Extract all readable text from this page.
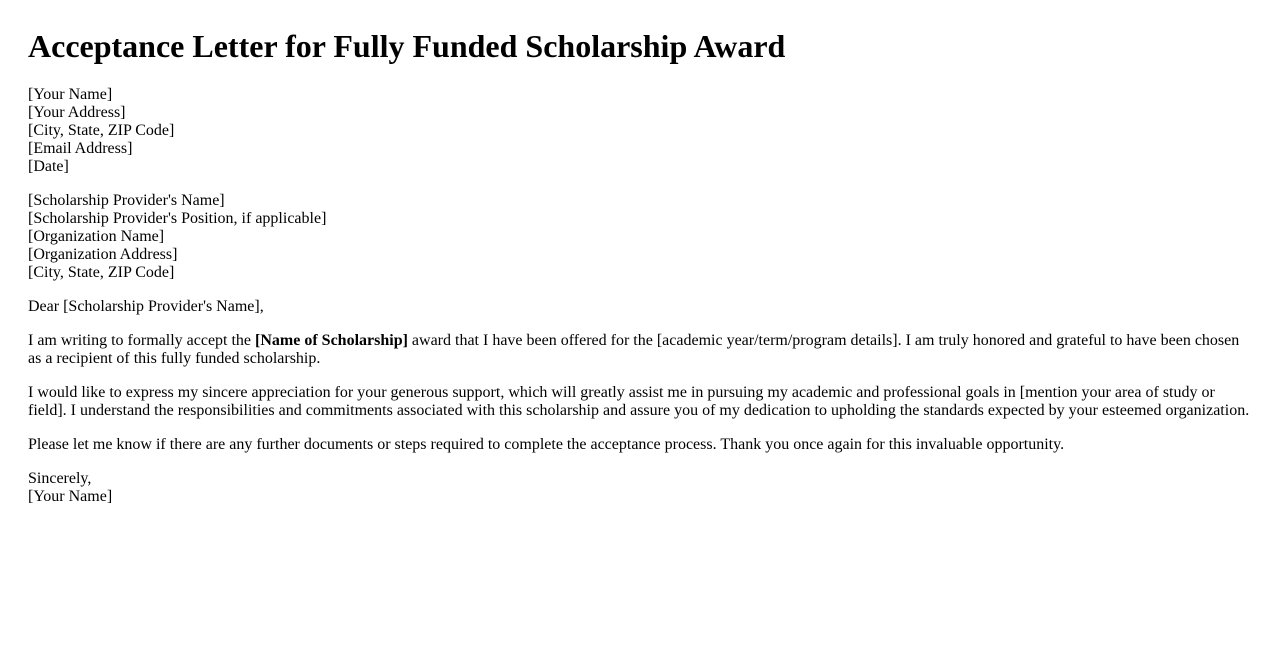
Acceptance Letter for Fully Funded Scholarship Award
[Your Name]
[Your Address]
[City, State, ZIP Code]
[Email Address]
[Date]
[Scholarship Provider's Name]
[Scholarship Provider's Position, if applicable]
[Organization Name]
[Organization Address]
[City, State, ZIP Code]

Dear [Scholarship Provider's Name],

I am writing to formally accept the [Name of Scholarship] award that I have been offered for the [academic year/term/program details]. I am truly honored and grateful to have been chosen as a recipient of this fully funded scholarship.

I would like to express my sincere appreciation for your generous support, which will greatly assist me in pursuing my academic and professional goals in [mention your area of study or field]. I understand the responsibilities and commitments associated with this scholarship and assure you of my dedication to upholding the standards expected by your esteemed organization.

Please let me know if there are any further documents or steps required to complete the acceptance process. Thank you once again for this invaluable opportunity.

Sincerely,
[Your Name]
